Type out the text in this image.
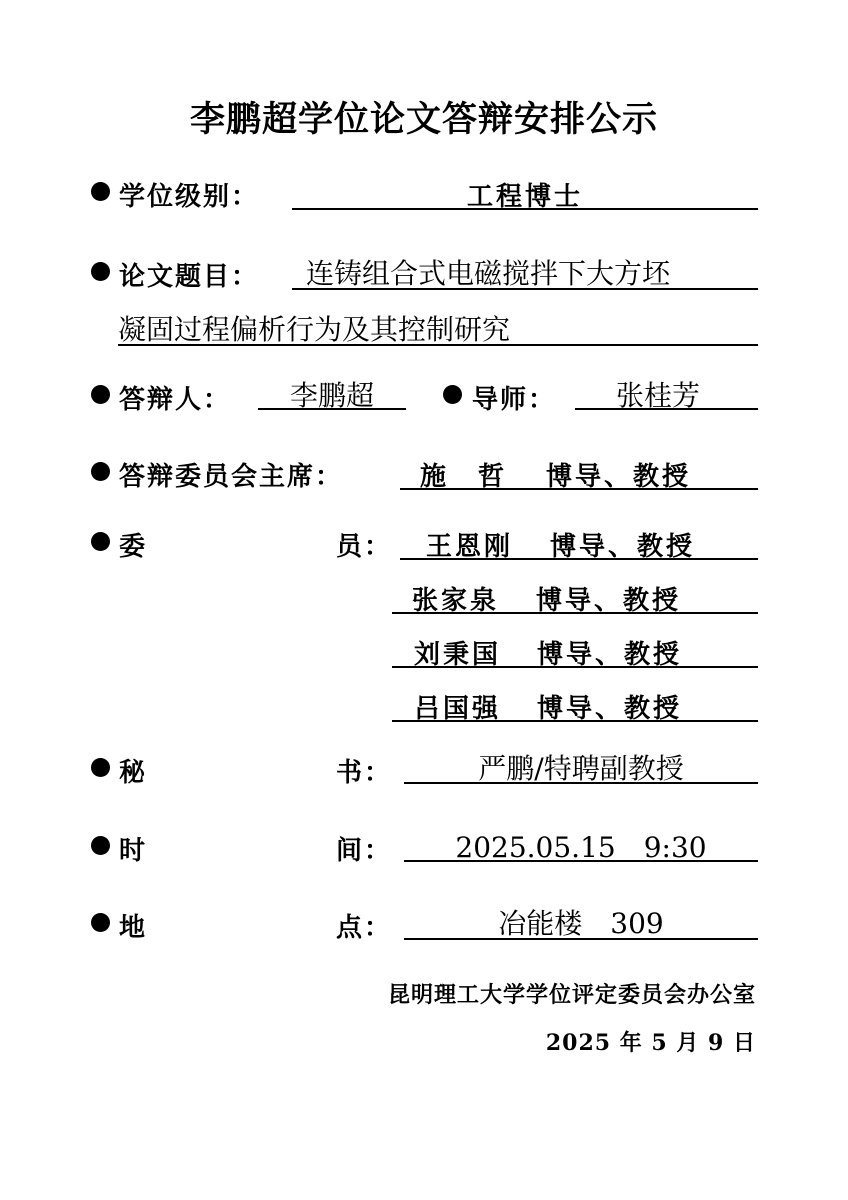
李鹏超学位论文答辩安排公示
学位级别：	工程博士
论文题目： 连铸组合式电磁搅拌下大方坯
凝固过程偏析行为及其控制研究
答辩人：	李鹏超	导师：	张桂芳
答辩委员会主席：	施　哲 博导、教授
委	员： 王恩刚 博导、教授
张家泉 博导、教授
刘秉国 博导、教授
吕国强 博导、教授
秘	书：	严鹏/特聘副教授
时	间：	2025.05.15　9:30
地	点：	冶能楼　309
昆明理工大学学位评定委员会办公室
2025 年 5 月 9 日
